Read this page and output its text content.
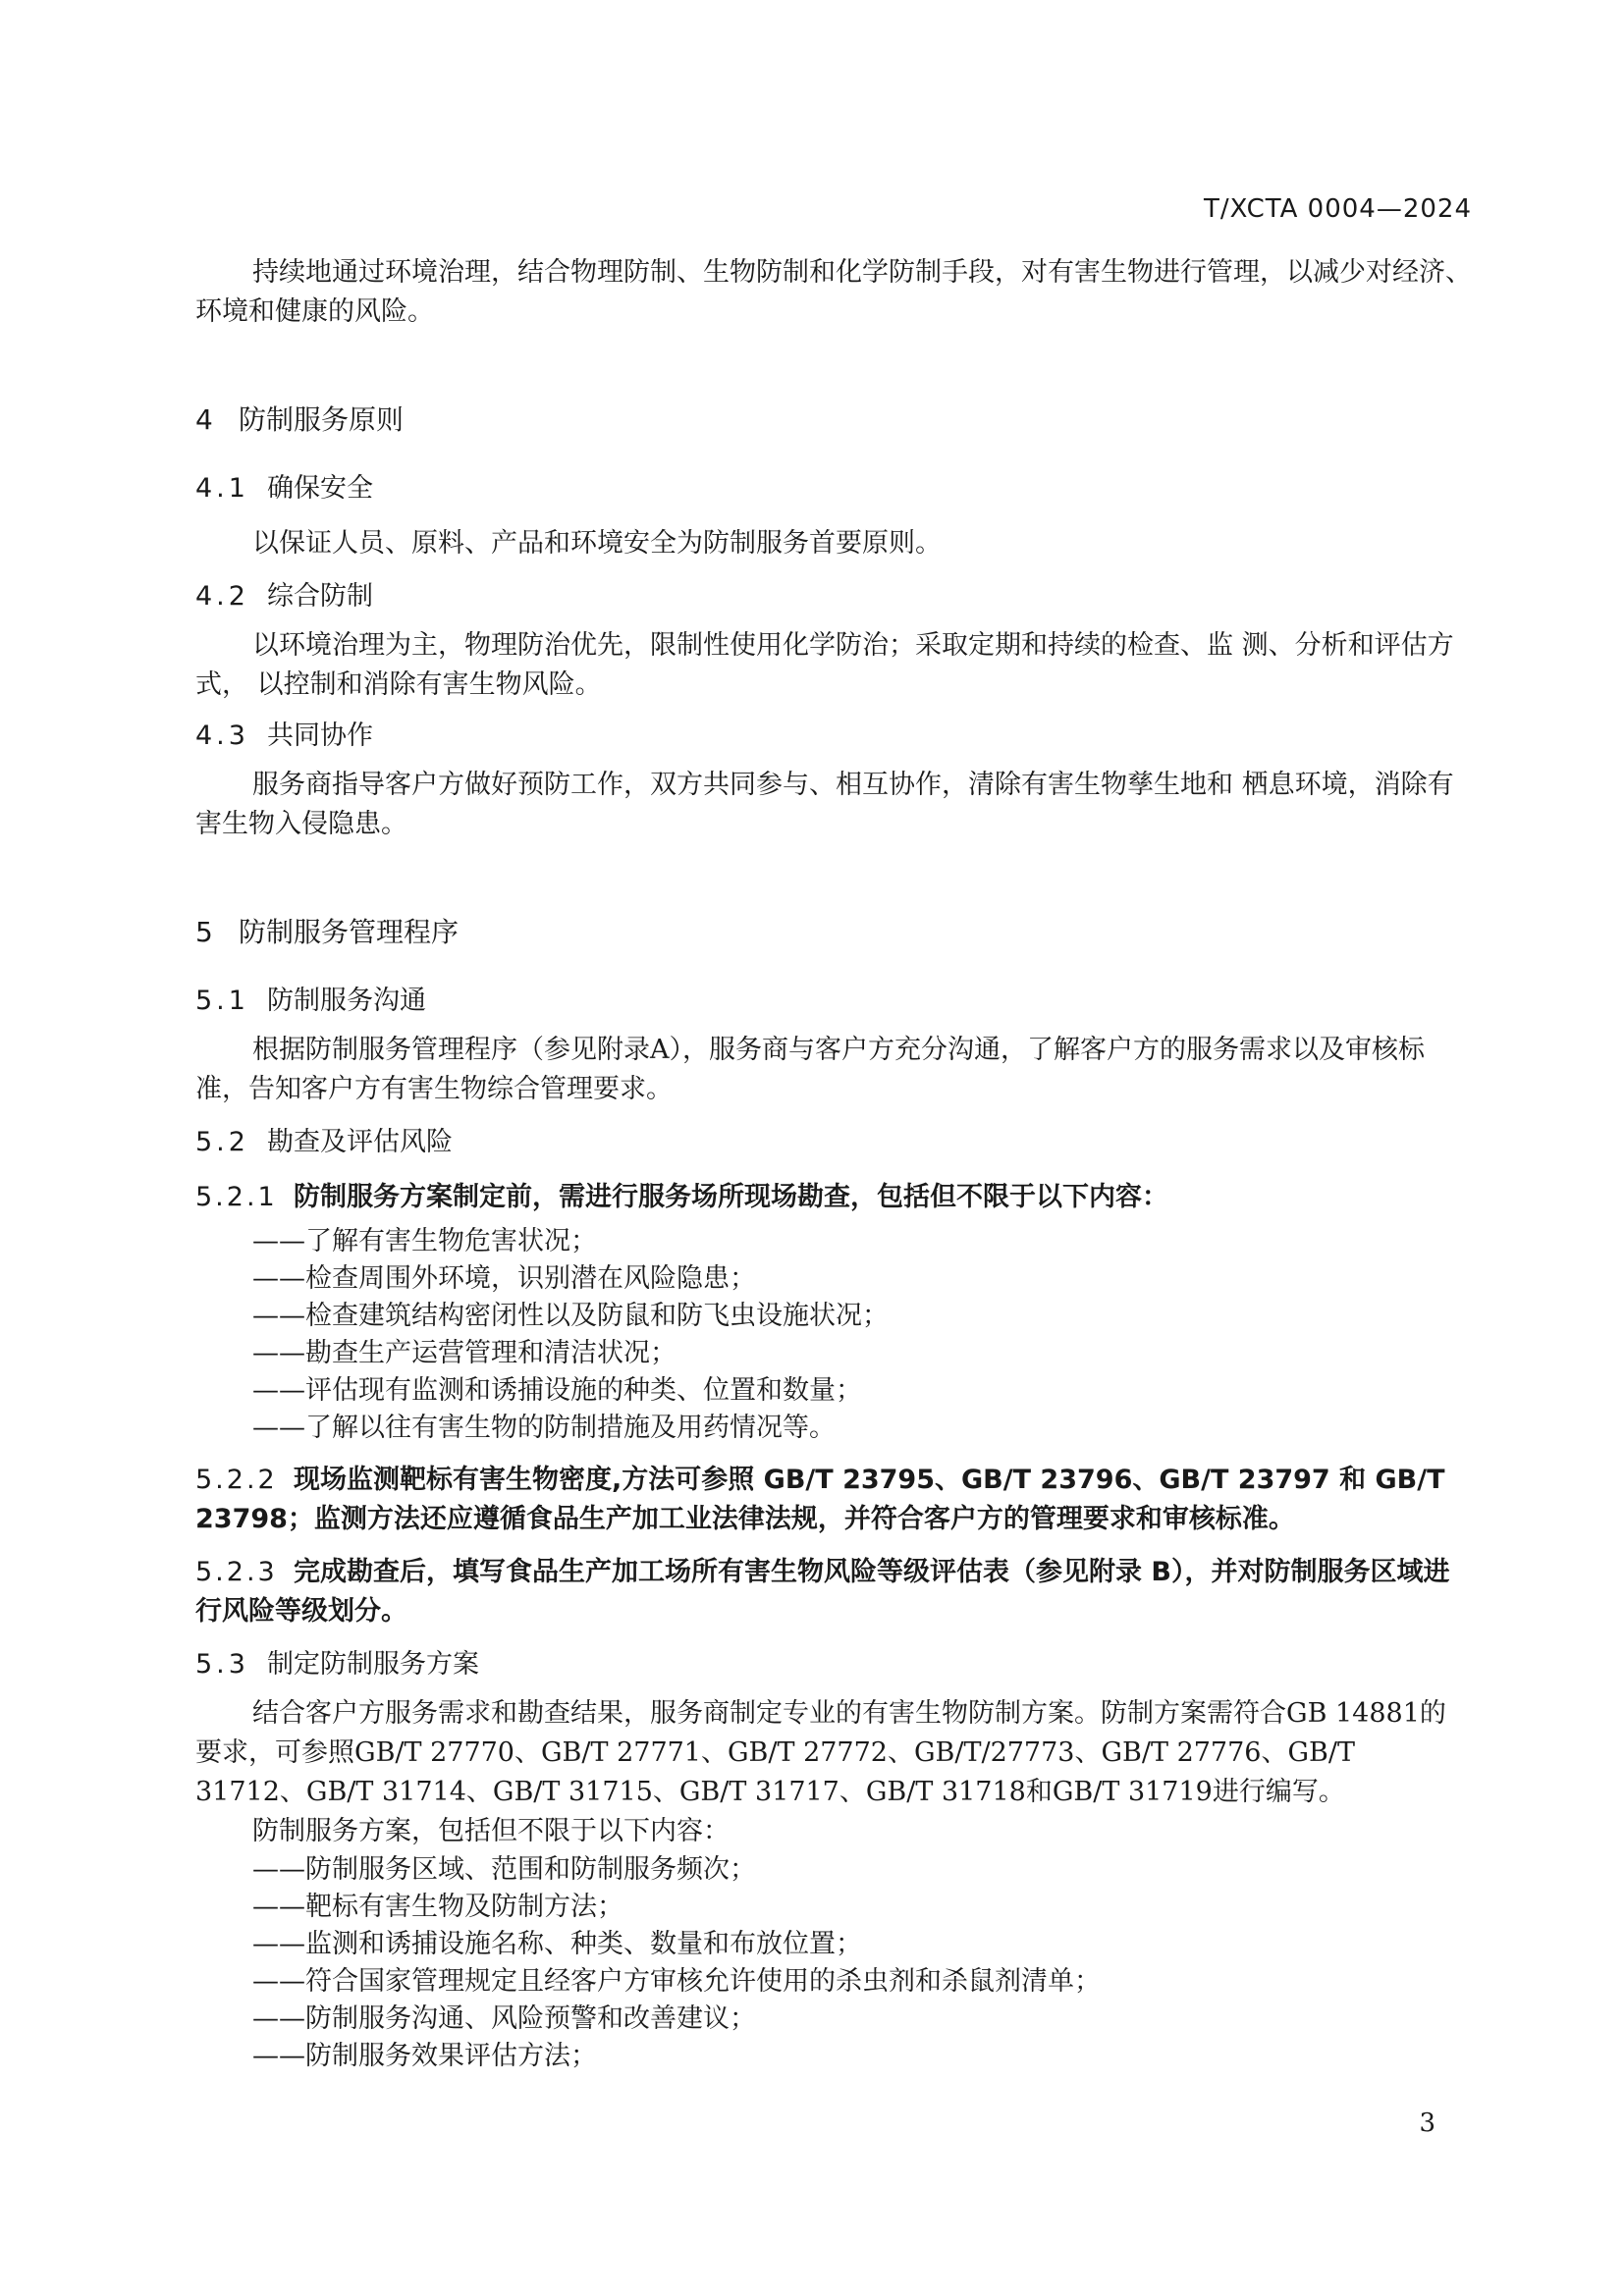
T/XCTA 0004—2024

持续地通过环境治理，结合物理防制、生物防制和化学防制手段，对有害生物进行管理，以减少对经济、环境和健康的风险。

4 防制服务原则

4.1 确保安全

以保证人员、原料、产品和环境安全为防制服务首要原则。

4.2 综合防制

以环境治理为主，物理防治优先，限制性使用化学防治；采取定期和持续的检查、监 测、分析和评估方式， 以控制和消除有害生物风险。

4.3 共同协作

服务商指导客户方做好预防工作，双方共同参与、相互协作，清除有害生物孳生地和 栖息环境，消除有害生物入侵隐患。

5 防制服务管理程序

5.1 防制服务沟通

根据防制服务管理程序（参见附录A），服务商与客户方充分沟通，了解客户方的服务需求以及审核标准，告知客户方有害生物综合管理要求。

5.2 勘查及评估风险

5.2.1 防制服务方案制定前，需进行服务场所现场勘查，包括但不限于以下内容：

——了解有害生物危害状况；

——检查周围外环境，识别潜在风险隐患；

——检查建筑结构密闭性以及防鼠和防飞虫设施状况；

——勘查生产运营管理和清洁状况；

——评估现有监测和诱捕设施的种类、位置和数量；

——了解以往有害生物的防制措施及用药情况等。

5.2.2 现场监测靶标有害生物密度,方法可参照 GB/T 23795、GB/T 23796、GB/T 23797 和 GB/T 23798；监测方法还应遵循食品生产加工业法律法规，并符合客户方的管理要求和审核标准。

5.2.3 完成勘查后，填写食品生产加工场所有害生物风险等级评估表（参见附录 B），并对防制服务区域进行风险等级划分。

5.3 制定防制服务方案

结合客户方服务需求和勘查结果，服务商制定专业的有害生物防制方案。防制方案需符合GB 14881的要求，可参照GB/T 27770、GB/T 27771、GB/T 27772、GB/T/27773、GB/T 27776、GB/T 31712、GB/T 31714、GB/T 31715、GB/T 31717、GB/T 31718和GB/T 31719进行编写。

防制服务方案，包括但不限于以下内容：

——防制服务区域、范围和防制服务频次；

——靶标有害生物及防制方法；

——监测和诱捕设施名称、种类、数量和布放位置；

——符合国家管理规定且经客户方审核允许使用的杀虫剂和杀鼠剂清单；

——防制服务沟通、风险预警和改善建议；

——防制服务效果评估方法；

3
